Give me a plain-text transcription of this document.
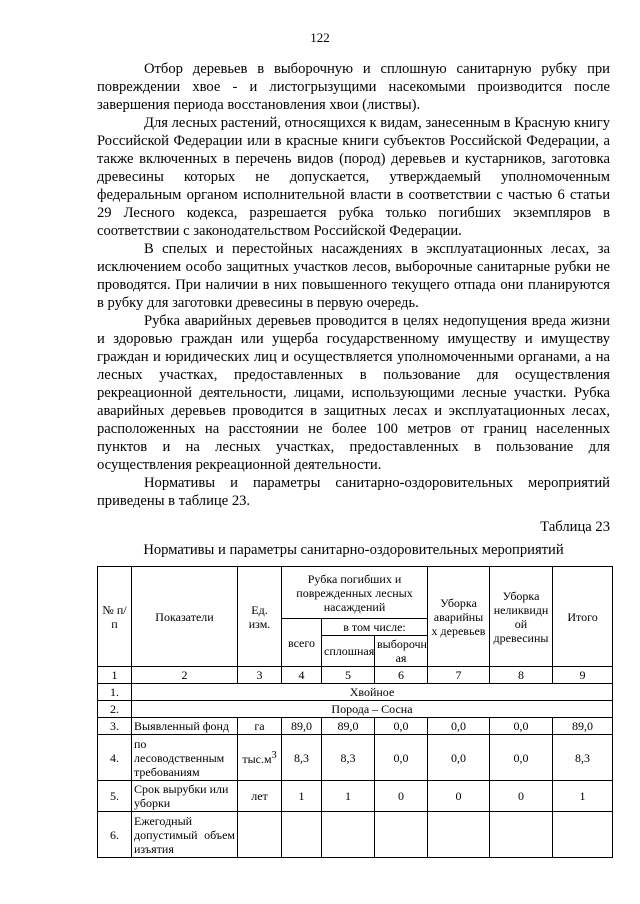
122

Отбор деревьев в выборочную и сплошную санитарную рубку при повреждении хвое - и листогрызущими насекомыми производится после завершения периода восстановления хвои (листвы).

Для лесных растений, относящихся к видам, занесенным в Красную книгу Российской Федерации или в красные книги субъектов Российской Федерации, а также включенных в перечень видов (пород) деревьев и кустарников, заготовка древесины которых не допускается, утверждаемый уполномоченным федеральным органом исполнительной власти в соответствии с частью 6 статьи 29 Лесного кодекса, разрешается рубка только погибших экземпляров в соответствии с законодательством Российской Федерации.

В спелых и перестойных насаждениях в эксплуатационных лесах, за исключением особо защитных участков лесов, выборочные санитарные рубки не проводятся. При наличии в них повышенного текущего отпада они планируются в рубку для заготовки древесины в первую очередь.

Рубка аварийных деревьев проводится в целях недопущения вреда жизни и здоровью граждан или ущерба государственному имуществу и имуществу граждан и юридических лиц и осуществляется уполномоченными органами, а на лесных участках, предоставленных в пользование для осуществления рекреационной деятельности, лицами, использующими лесные участки. Рубка аварийных деревьев проводится в защитных лесах и эксплуатационных лесах, расположенных на расстоянии не более 100 метров от границ населенных пунктов и на лесных участках, предоставленных в пользование для осуществления рекреационной деятельности.

Нормативы и параметры санитарно-оздоровительных мероприятий приведены в таблице 23.

Таблица 23
Нормативы и параметры санитарно-оздоровительных мероприятий
№ п/п	Показатели	Ед. изм.	Рубка погибших и поврежденных лесных насаждений			Уборка аварийны х деревьев	Уборка неликвидн ой древесины	Итого
			всего	в том числе:				
				сплошная	выборочн ая			
1	2	3	4	5	6	7	8	9
1.	Хвойное							
2.	Порода – Сосна							
3.	Выявленный фонд	га	89,0	89,0	0,0	0,0	0,0	89,0
4.	по лесоводственным требованиям	$тыс.м^3$	8,3	8,3	0,0	0,0	0,0	8,3
5.	Срок вырубки или уборки	лет	1	1	0	0	0	1
6.	Ежегодный допустимый объем изъятия							
